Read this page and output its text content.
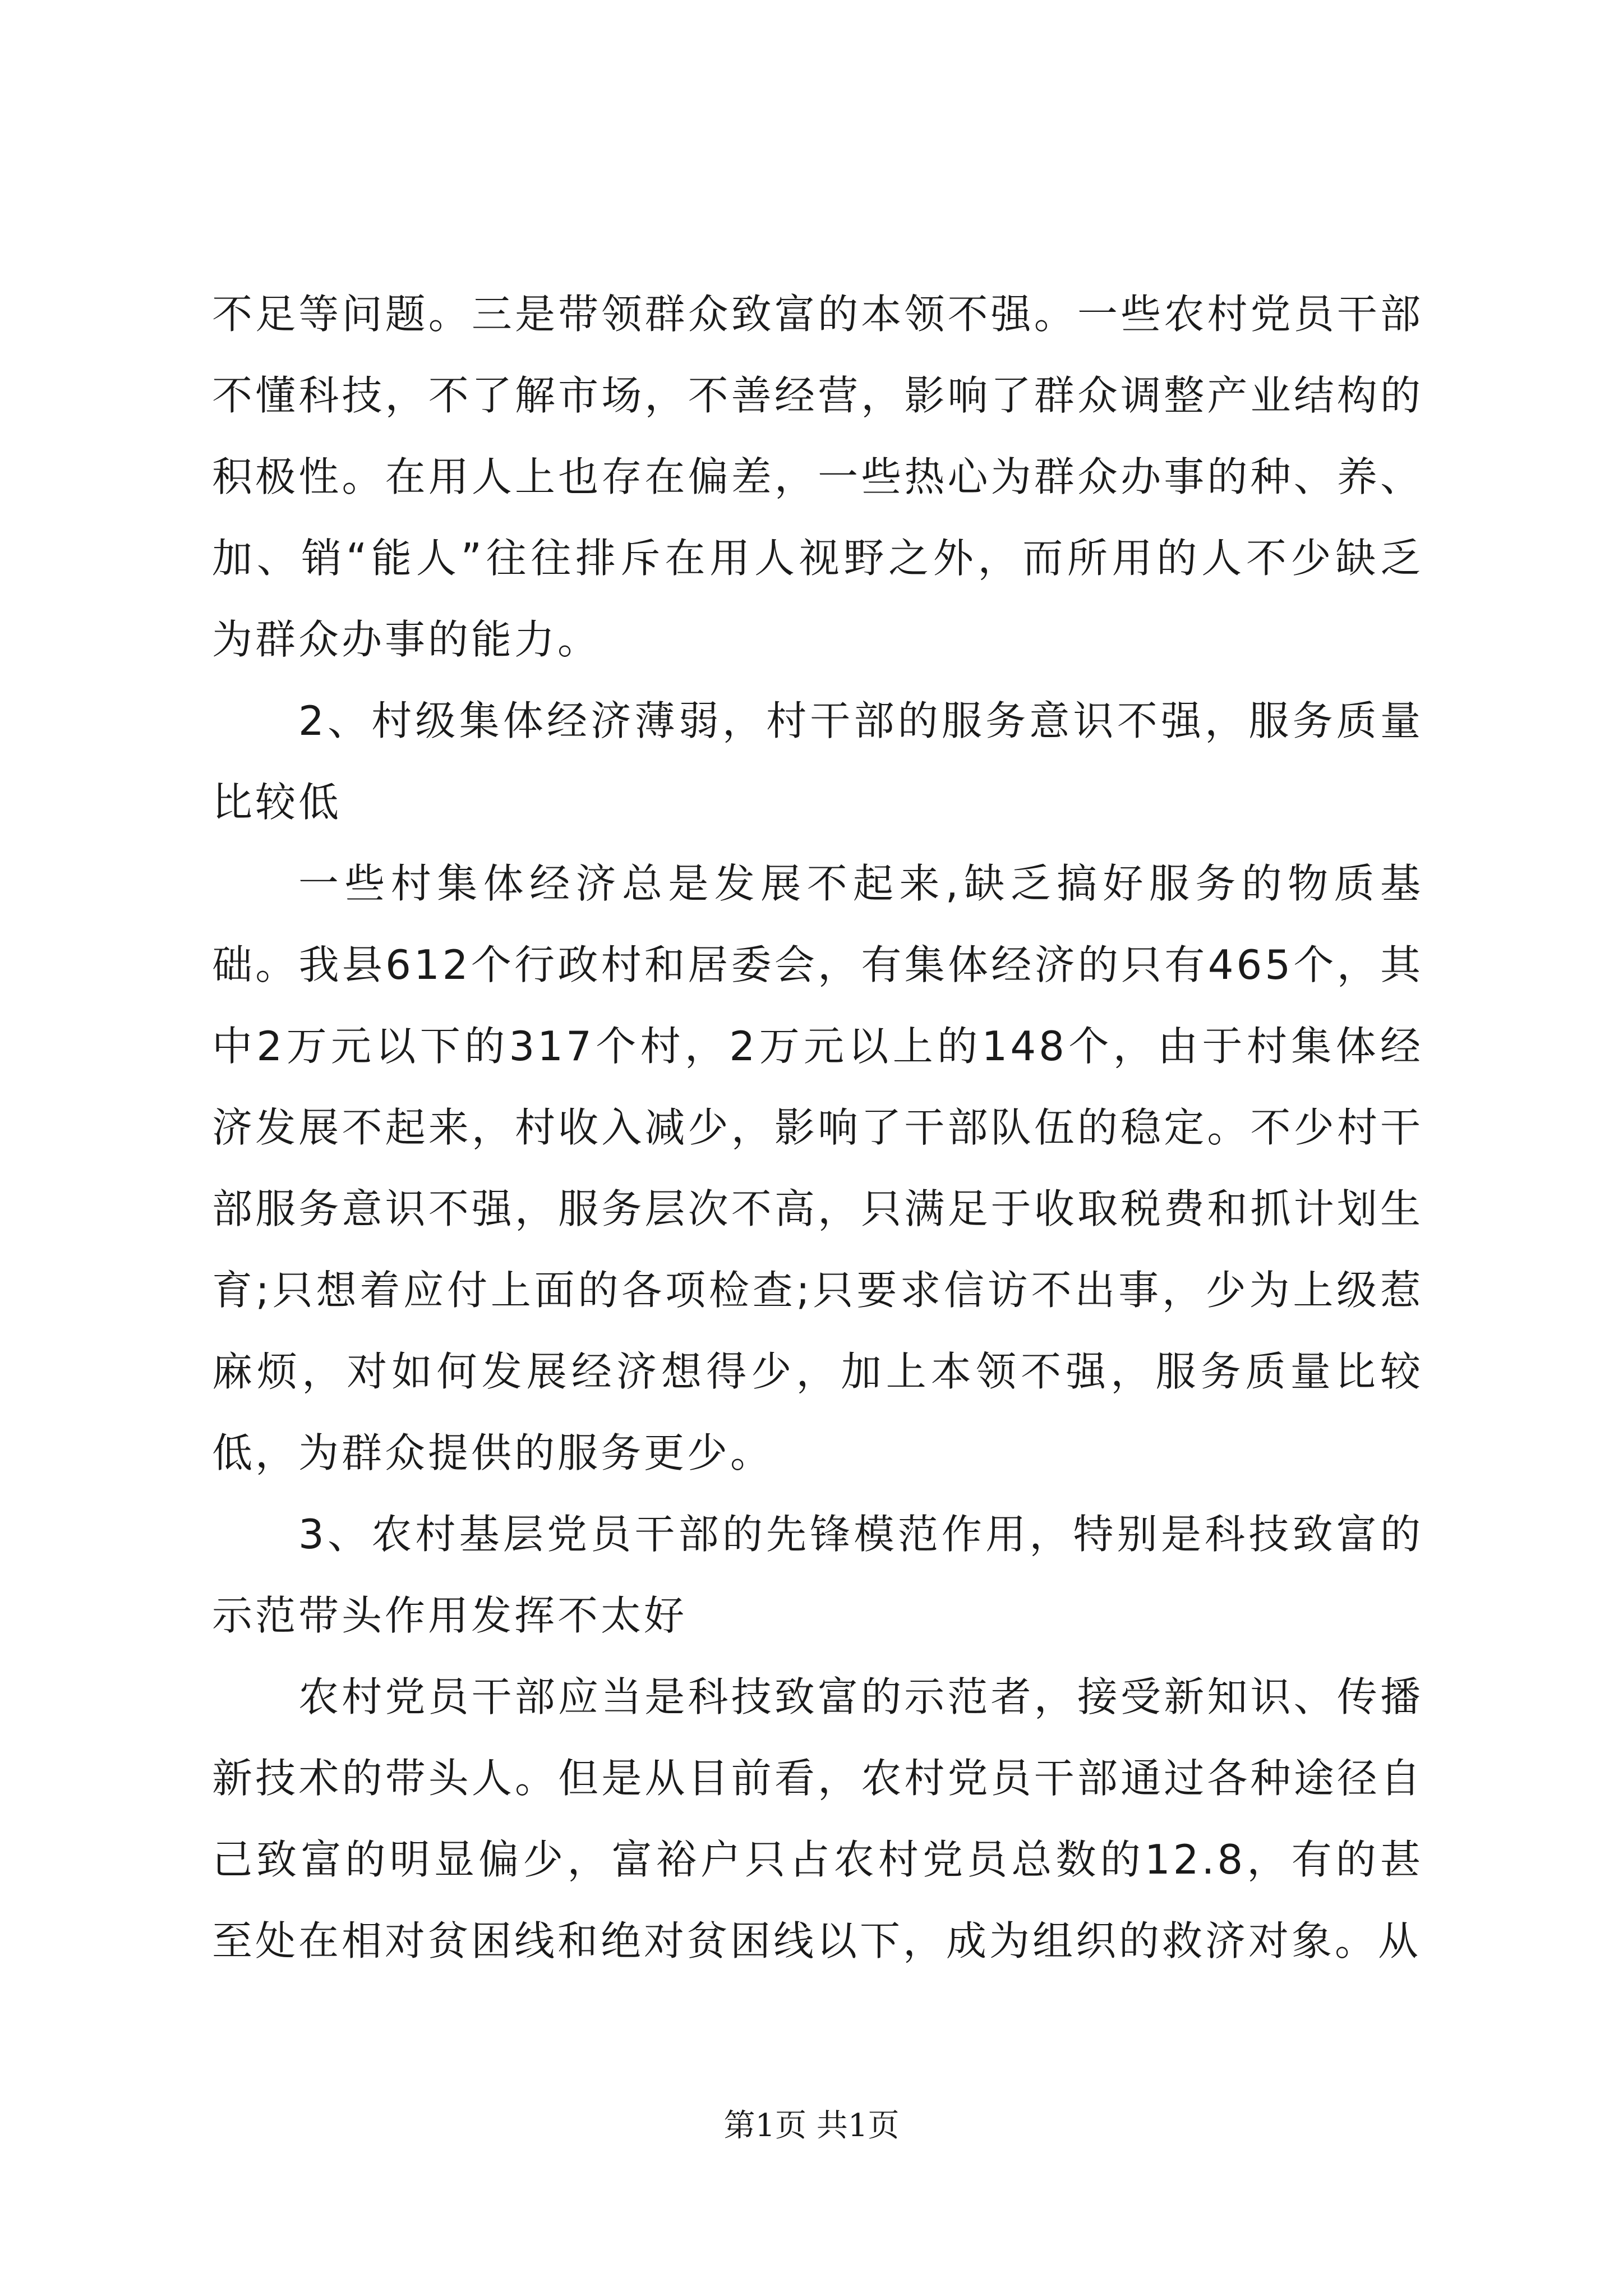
不足等问题。三是带领群众致富的本领不强。一些农村党员干部不懂科技，不了解市场，不善经营，影响了群众调整产业结构的积极性。在用人上也存在偏差，一些热心为群众办事的种、养、加、销“能人”往往排斥在用人视野之外，而所用的人不少缺乏为群众办事的能力。

2、村级集体经济薄弱，村干部的服务意识不强，服务质量比较低

一些村集体经济总是发展不起来,缺乏搞好服务的物质基础。我县612个行政村和居委会，有集体经济的只有465个，其中2万元以下的317个村，2万元以上的148个，由于村集体经济发展不起来，村收入减少，影响了干部队伍的稳定。不少村干部服务意识不强，服务层次不高，只满足于收取税费和抓计划生育;只想着应付上面的各项检查;只要求信访不出事，少为上级惹麻烦，对如何发展经济想得少，加上本领不强，服务质量比较低，为群众提供的服务更少。

3、农村基层党员干部的先锋模范作用，特别是科技致富的示范带头作用发挥不太好

农村党员干部应当是科技致富的示范者，接受新知识、传播新技术的带头人。但是从目前看，农村党员干部通过各种途径自己致富的明显偏少，富裕户只占农村党员总数的12.8，有的甚至处在相对贫困线和绝对贫困线以下，成为组织的救济对象。从

第1页 共1页
